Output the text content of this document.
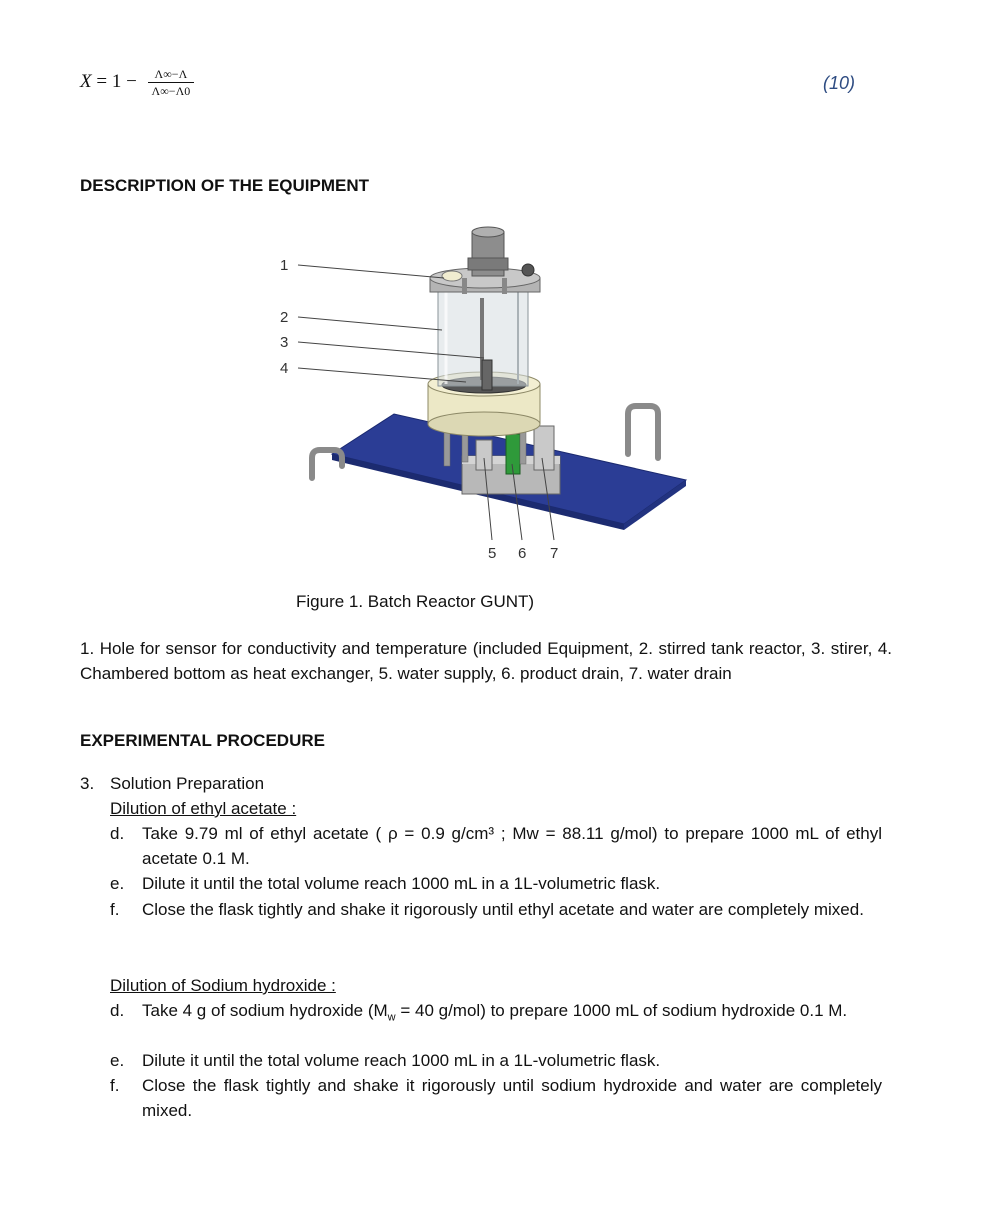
$X = 1 - \frac{\Lambda\infty-\Lambda}{\Lambda\infty-\Lambda 0}$	(10)
DESCRIPTION OF THE EQUIPMENT
1
2
3
4
5 6 7
Figure 1. Batch Reactor GUNT)
1. Hole for sensor for conductivity and temperature (included Equipment, 2. stirred tank reactor, 3. stirer, 4. Chambered bottom as heat exchanger, 5. water supply, 6. product drain, 7. water drain
EXPERIMENTAL PROCEDURE
3. Solution Preparation
Dilution of ethyl acetate :
d. Take 9.79 ml of ethyl acetate ( ρ = 0.9 g/cm³ ; Mw = 88.11 g/mol) to prepare 1000 mL of ethyl acetate 0.1 M.
e. Dilute it until the total volume reach 1000 mL in a 1L-volumetric flask.
f. Close the flask tightly and shake it rigorously until ethyl acetate and water are completely mixed.
Dilution of Sodium hydroxide :
d. Take 4 g of sodium hydroxide ($M_w = 40$ g/mol) to prepare 1000 mL of sodium hydroxide 0.1 M.
e. Dilute it until the total volume reach 1000 mL in a 1L-volumetric flask.
f. Close the flask tightly and shake it rigorously until sodium hydroxide and water are completely mixed.
